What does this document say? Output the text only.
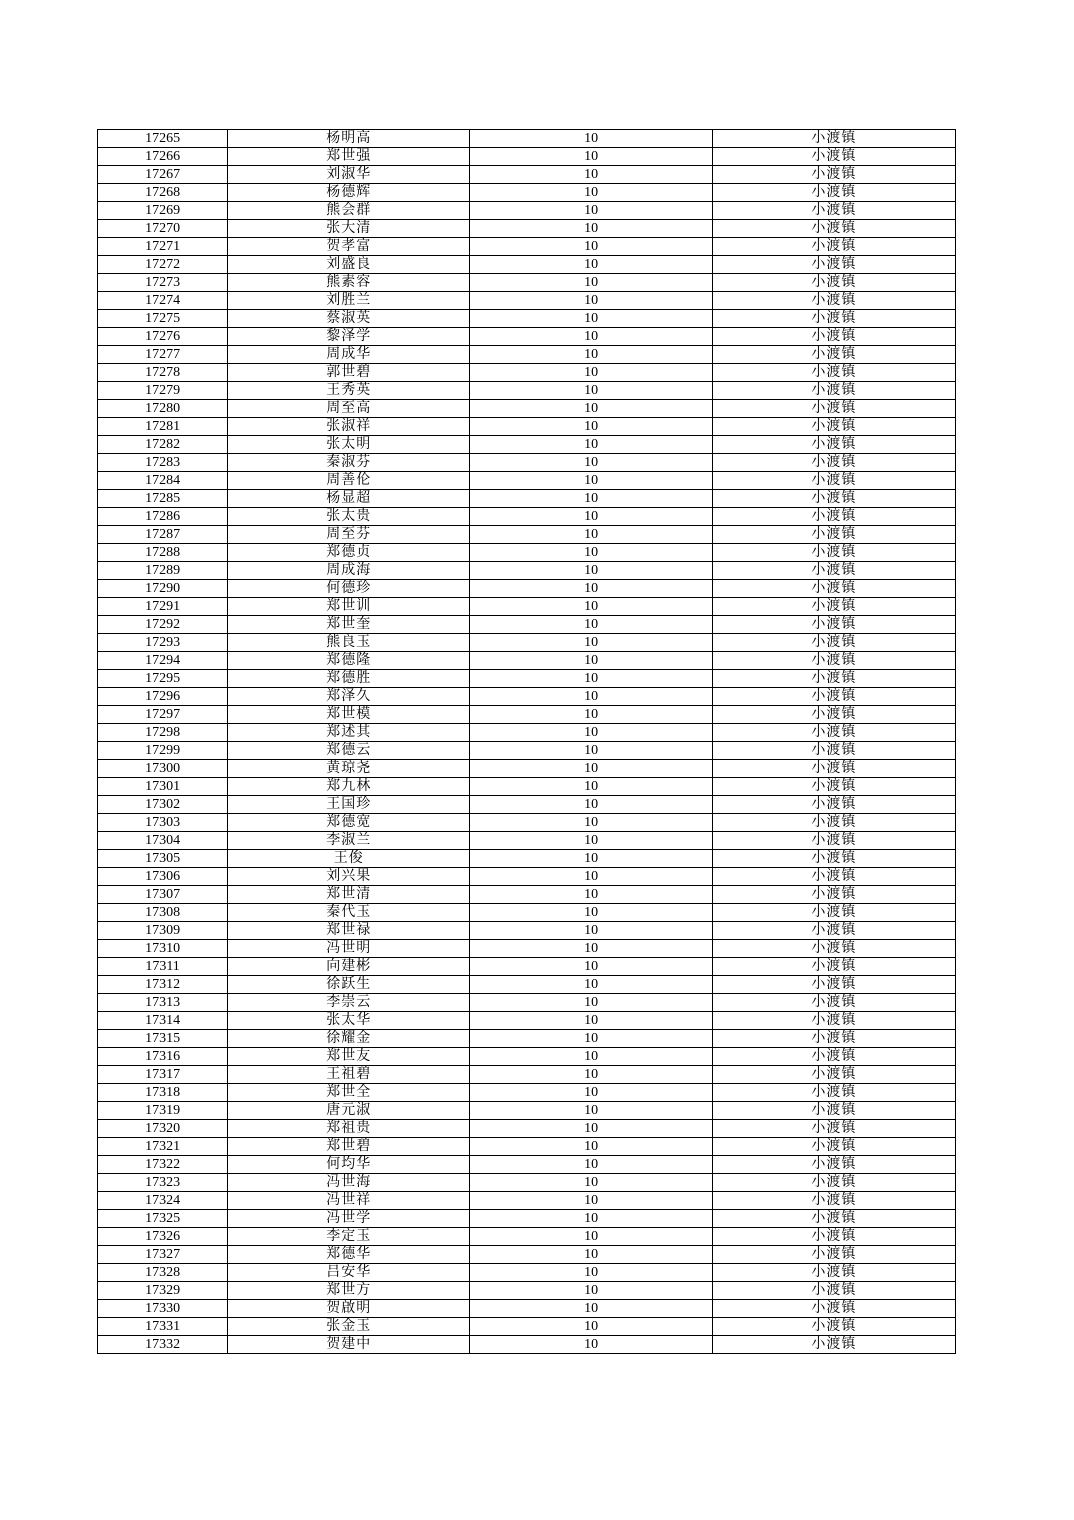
17265	杨明高	10	小渡镇
17266	郑世强	10	小渡镇
17267	刘淑华	10	小渡镇
17268	杨德辉	10	小渡镇
17269	熊会群	10	小渡镇
17270	张大清	10	小渡镇
17271	贺孝富	10	小渡镇
17272	刘盛良	10	小渡镇
17273	熊素容	10	小渡镇
17274	刘胜兰	10	小渡镇
17275	蔡淑英	10	小渡镇
17276	黎泽学	10	小渡镇
17277	周成华	10	小渡镇
17278	郭世碧	10	小渡镇
17279	王秀英	10	小渡镇
17280	周至高	10	小渡镇
17281	张淑祥	10	小渡镇
17282	张太明	10	小渡镇
17283	秦淑芬	10	小渡镇
17284	周善伦	10	小渡镇
17285	杨显超	10	小渡镇
17286	张太贵	10	小渡镇
17287	周至芬	10	小渡镇
17288	郑德贞	10	小渡镇
17289	周成海	10	小渡镇
17290	何德珍	10	小渡镇
17291	郑世训	10	小渡镇
17292	郑世奎	10	小渡镇
17293	熊良玉	10	小渡镇
17294	郑德隆	10	小渡镇
17295	郑德胜	10	小渡镇
17296	郑泽久	10	小渡镇
17297	郑世模	10	小渡镇
17298	郑述其	10	小渡镇
17299	郑德云	10	小渡镇
17300	黄琼尧	10	小渡镇
17301	郑九林	10	小渡镇
17302	王国珍	10	小渡镇
17303	郑德宽	10	小渡镇
17304	李淑兰	10	小渡镇
17305	王俊	10	小渡镇
17306	刘兴果	10	小渡镇
17307	郑世清	10	小渡镇
17308	秦代玉	10	小渡镇
17309	郑世禄	10	小渡镇
17310	冯世明	10	小渡镇
17311	向建彬	10	小渡镇
17312	徐跃生	10	小渡镇
17313	李崇云	10	小渡镇
17314	张太华	10	小渡镇
17315	徐耀金	10	小渡镇
17316	郑世友	10	小渡镇
17317	王祖碧	10	小渡镇
17318	郑世全	10	小渡镇
17319	唐元淑	10	小渡镇
17320	郑祖贵	10	小渡镇
17321	郑世碧	10	小渡镇
17322	何均华	10	小渡镇
17323	冯世海	10	小渡镇
17324	冯世祥	10	小渡镇
17325	冯世学	10	小渡镇
17326	李定玉	10	小渡镇
17327	郑德华	10	小渡镇
17328	吕安华	10	小渡镇
17329	郑世方	10	小渡镇
17330	贺啟明	10	小渡镇
17331	张金玉	10	小渡镇
17332	贺建中	10	小渡镇
